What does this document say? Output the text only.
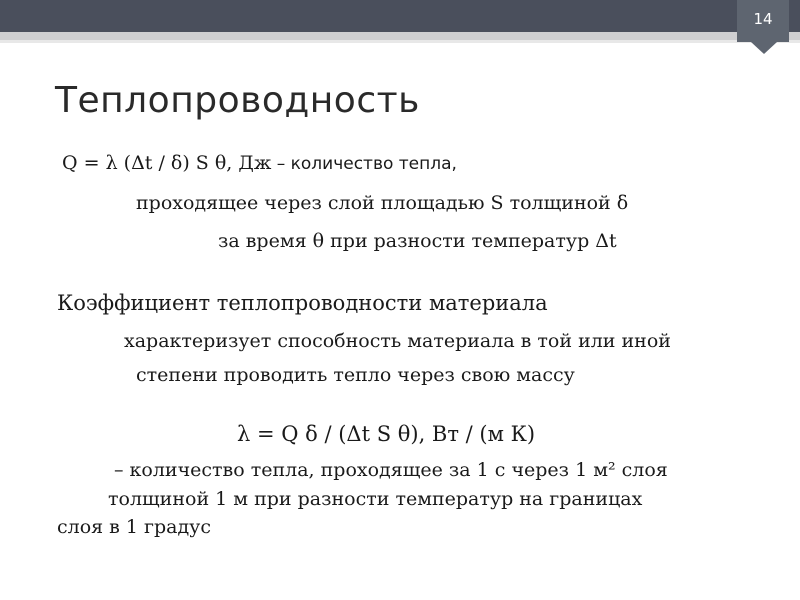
14
Теплопроводность
Q = λ (Δt / δ) S θ, Дж – количество тепла,
проходящее через слой площадью S толщиной δ
за время θ при разности температур Δt
Коэффициент теплопроводности материала
характеризует способность материала в той или иной
степени проводить тепло через свою массу
λ = Q δ / (Δt S θ), Вт / (м К)
– количество тепла, проходящее за 1 с через 1 м² слоя
толщиной 1 м при разности температур на границах
слоя в 1 градус
